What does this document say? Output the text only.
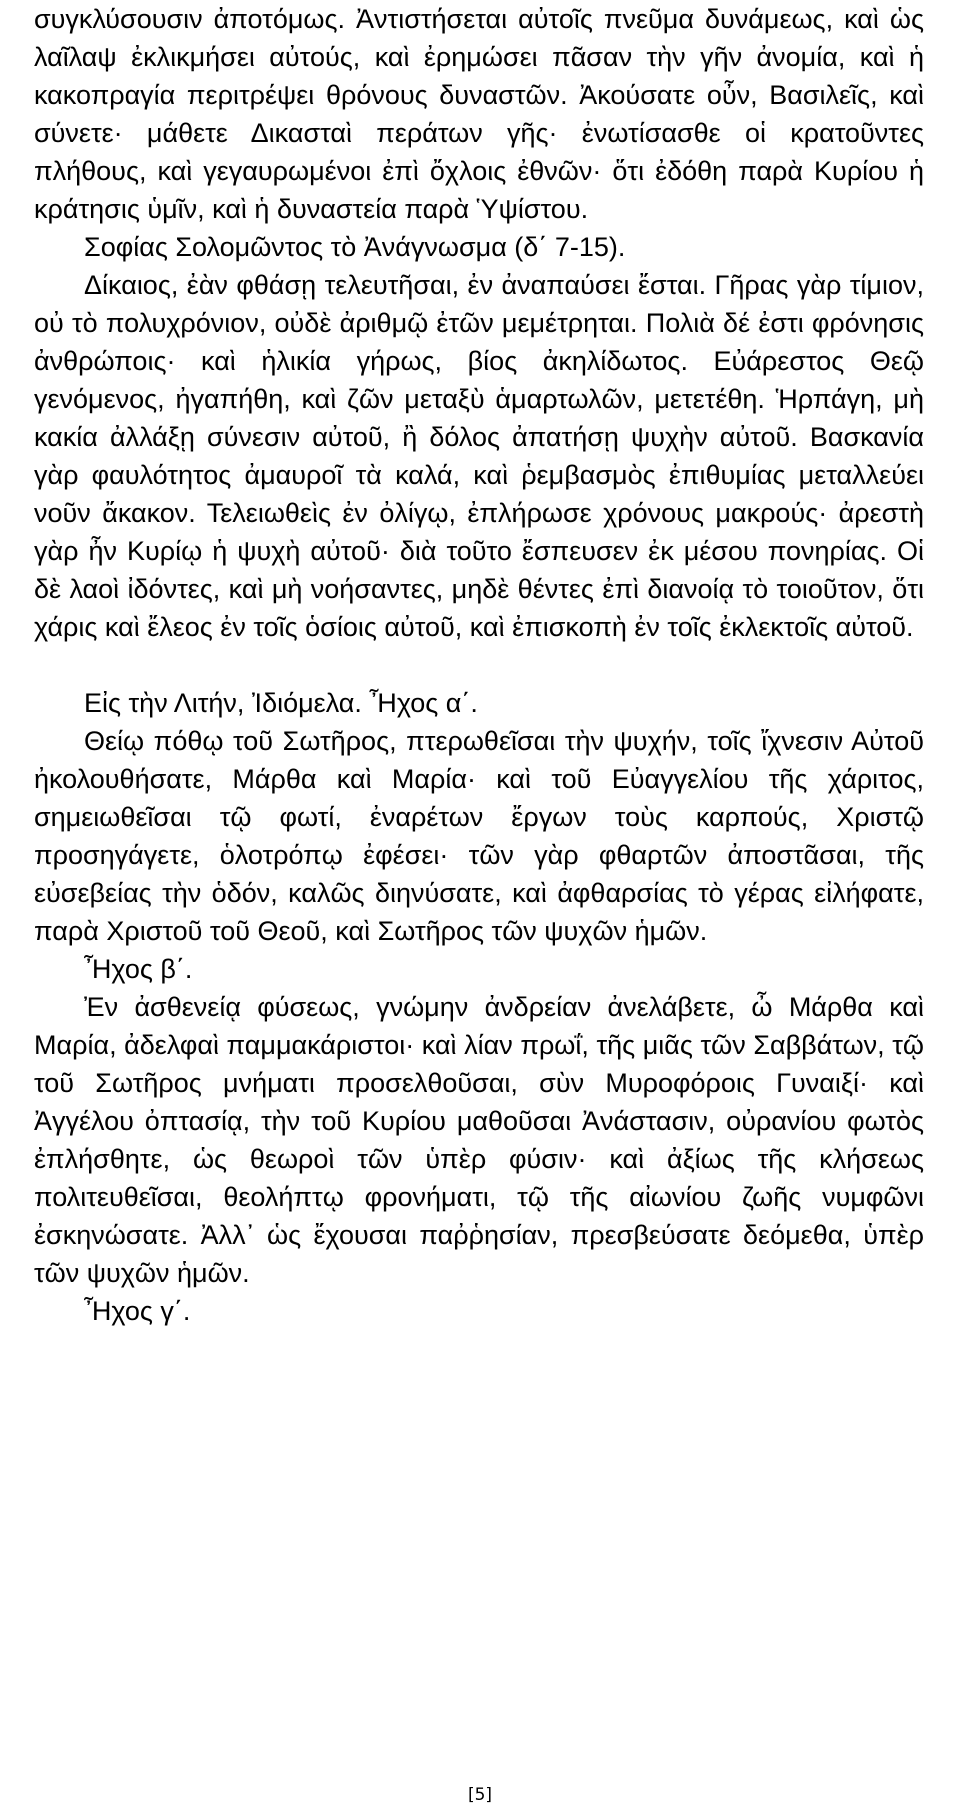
συγκλύσουσιν ἀποτόμως. Ἀντιστήσεται αὐτοῖς πνεῦμα δυνάμεως, καὶ ὡς λαῖλαψ ἐκλικμήσει αὐτούς, καὶ ἐρημώσει πᾶσαν τὴν γῆν ἀνομία, καὶ ἡ κακοπραγία περιτρέψει θρόνους δυναστῶν. Ἀκούσατε οὖν, Βασιλεῖς, καὶ σύνετε· μάθετε Δικασταὶ περάτων γῆς· ἐνωτίσασθε οἱ κρατοῦντες πλήθους, καὶ γεγαυρωμένοι ἐπὶ ὄχλοις ἐθνῶν· ὅτι ἐδόθη παρὰ Κυρίου ἡ κράτησις ὑμῖν, καὶ ἡ δυναστεία παρὰ Ὑψίστου.

Σοφίας Σολομῶντος τὸ Ἀνάγνωσμα (δ΄ 7-15).

Δίκαιος, ἐὰν φθάσῃ τελευτῆσαι, ἐν ἀναπαύσει ἔσται. Γῆρας γὰρ τίμιον, οὐ τὸ πολυχρόνιον, οὐδὲ ἀριθμῷ ἐτῶν μεμέτρηται. Πολιὰ δέ ἐστι φρόνησις ἀνθρώποις· καὶ ἡλικία γήρως, βίος ἀκηλίδωτος. Εὐάρεστος Θεῷ γενόμενος, ἠγαπήθη, καὶ ζῶν μεταξὺ ἁμαρτωλῶν, μετετέθη. Ἡρπάγη, μὴ κακία ἀλλάξῃ σύνεσιν αὐτοῦ, ἢ δόλος ἀπατήσῃ ψυχὴν αὐτοῦ. Βασκανία γὰρ φαυλότητος ἀμαυροῖ τὰ καλά, καὶ ῥεμβασμὸς ἐπιθυμίας μεταλλεύει νοῦν ἄκακον. Τελειωθεὶς ἐν ὀλίγῳ, ἐπλήρωσε χρόνους μακρούς· ἀρεστὴ γὰρ ἦν Κυρίῳ ἡ ψυχὴ αὐτοῦ· διὰ τοῦτο ἔσπευσεν ἐκ μέσου πονηρίας. Οἱ δὲ λαοὶ ἰδόντες, καὶ μὴ νοήσαντες, μηδὲ θέντες ἐπὶ διανοίᾳ τὸ τοιοῦτον, ὅτι χάρις καὶ ἔλεος ἐν τοῖς ὁσίοις αὐτοῦ, καὶ ἐπισκοπὴ ἐν τοῖς ἐκλεκτοῖς αὐτοῦ.

Εἰς τὴν Λιτήν, Ἰδιόμελα. Ἦχος α΄.

Θείῳ πόθῳ τοῦ Σωτῆρος, πτερωθεῖσαι τὴν ψυχήν, τοῖς ἴχνεσιν Αὐτοῦ ἠκολουθήσατε, Μάρθα καὶ Μαρία· καὶ τοῦ Εὐαγγελίου τῆς χάριτος, σημειωθεῖσαι τῷ φωτί, ἐναρέτων ἔργων τοὺς καρπούς, Χριστῷ προσηγάγετε, ὁλοτρόπῳ ἐφέσει· τῶν γὰρ φθαρτῶν ἀποστᾶσαι, τῆς εὐσεβείας τὴν ὁδόν, καλῶς διηνύσατε, καὶ ἀφθαρσίας τὸ γέρας εἰλήφατε, παρὰ Χριστοῦ τοῦ Θεοῦ, καὶ Σωτῆρος τῶν ψυχῶν ἡμῶν.

Ἦχος β΄.

Ἐν ἀσθενείᾳ φύσεως, γνώμην ἀνδρείαν ἀνελάβετε, ὦ Μάρθα καὶ Μαρία, ἀδελφαὶ παμμακάριστοι· καὶ λίαν πρωΐ, τῆς μιᾶς τῶν Σαββάτων, τῷ τοῦ Σωτῆρος μνήματι προσελθοῦσαι, σὺν Μυροφόροις Γυναιξί· καὶ Ἀγγέλου ὀπτασίᾳ, τὴν τοῦ Κυρίου μαθοῦσαι Ἀνάστασιν, οὐρανίου φωτὸς ἐπλήσθητε, ὡς θεωροὶ τῶν ὑπὲρ φύσιν· καὶ ἀξίως τῆς κλήσεως πολιτευθεῖσαι, θεολήπτῳ φρονήματι, τῷ τῆς αἰωνίου ζωῆς νυμφῶνι ἐσκηνώσατε. Ἀλλ᾽ ὡς ἔχουσαι παῤῥησίαν, πρεσβεύσατε δεόμεθα, ὑπὲρ τῶν ψυχῶν ἡμῶν.

Ἦχος γ΄.

[5]
